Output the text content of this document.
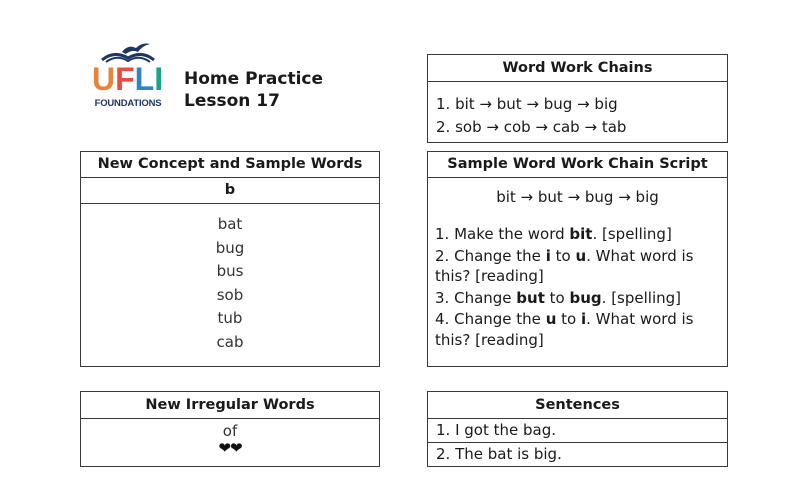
UFLI
FOUNDATIONS
Home Practice
Lesson 17
Word Work Chains
1. bit → but → bug → big
2. sob → cob → cab → tab
New Concept and Sample Words
b
bat
bug
bus
sob
tub
cab
Sample Word Work Chain Script
bit → but → bug → big
1. Make the word bit. [spelling]
2. Change the i to u. What word is this? [reading]
3. Change but to bug. [spelling]
4. Change the u to i. What word is this? [reading]
New Irregular Words
of
❤❤
Sentences
1. I got the bag.
2. The bat is big.
